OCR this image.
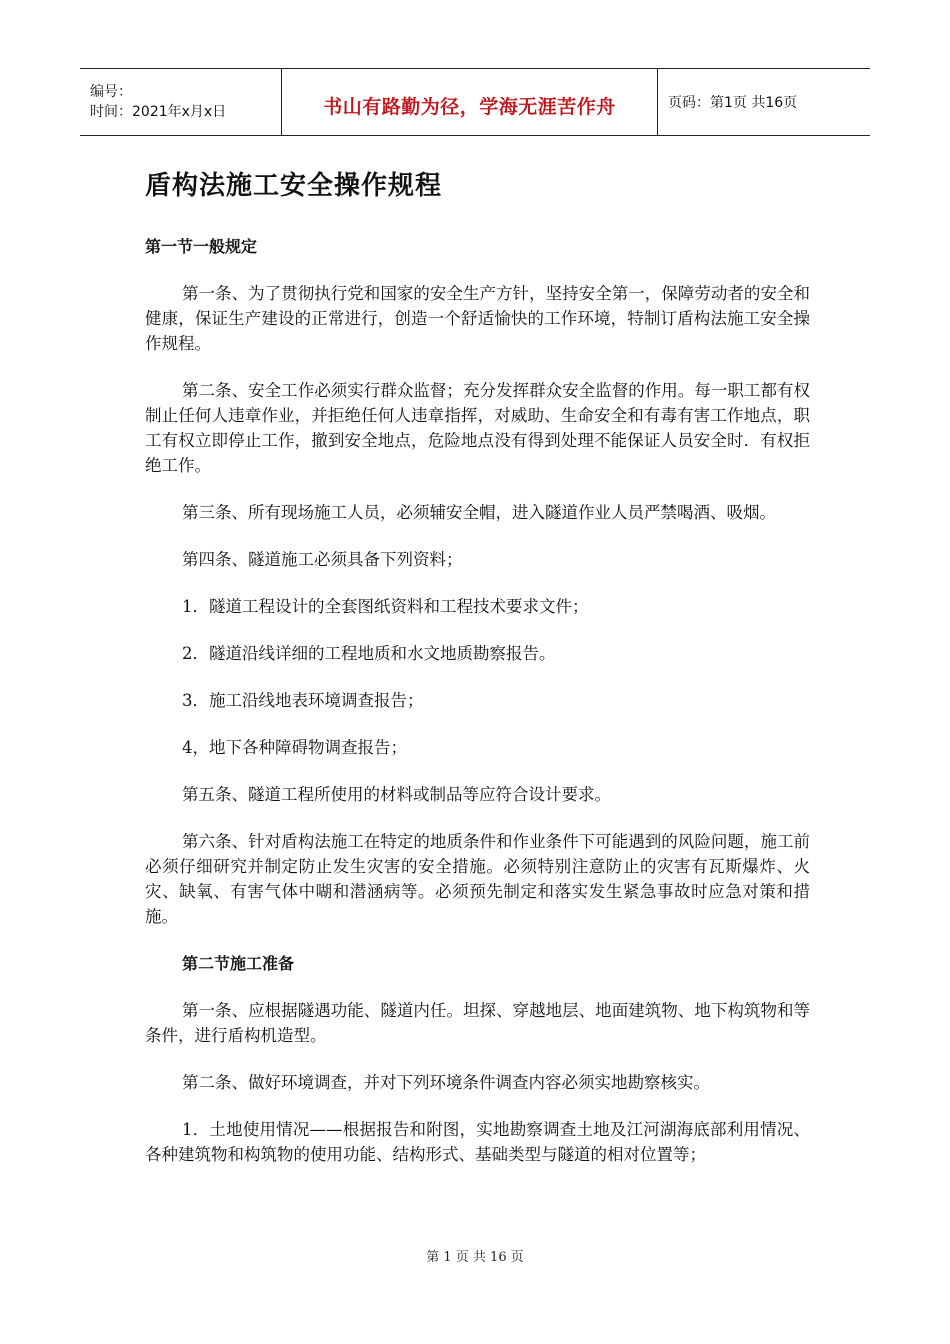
编号：
时间：2021年x月x日	书山有路勤为径，学海无涯苦作舟	页码：第1页 共16页
盾构法施工安全操作规程
第一节一般规定

第一条、为了贯彻执行党和国家的安全生产方针，坚持安全第一，保障劳动者的安全和健康，保证生产建设的正常进行，创造一个舒适愉快的工作环境，特制订盾构法施工安全操作规程。

第二条、安全工作必须实行群众监督；充分发挥群众安全监督的作用。每一职工都有权制止任何人违章作业，并拒绝任何人违章指挥，对威助、生命安全和有毒有害工作地点，职工有权立即停止工作，撤到安全地点，危险地点没有得到处理不能保证人员安全时．有权拒绝工作。

第三条、所有现场施工人员，必须辅安全帽，进入隧道作业人员严禁喝酒、吸烟。

第四条、隧道施工必须具备下列资料；

1．隧道工程设计的全套图纸资料和工程技术要求文件；

2．隧道沿线详细的工程地质和水文地质勘察报告。

3．施工沿线地表环境调查报告；

4，地下各种障碍物调查报告；

第五条、隧道工程所使用的材料或制品等应符合设计要求。

第六条、针对盾构法施工在特定的地质条件和作业条件下可能遇到的风险问题，施工前必须仔细研究并制定防止发生灾害的安全措施。必须特别注意防止的灾害有瓦斯爆炸、火灾、缺氧、有害气体中㗅和潜涵病等。必须预先制定和落实发生紧急事故时应急对策和措施。

第二节施工准备

第一条、应根据隧遇功能、隧道内任。坦探、穿越地层、地面建筑物、地下构筑物和等条件，进行盾构机造型。

第二条、做好环境调查，并对下列环境条件调查内容必须实地勘察核实。

1．土地使用情况——根据报告和附图，实地勘察调查土地及江河湖海底部利用情况、各种建筑物和构筑物的使用功能、结构形式、基础类型与隧道的相对位置等；

第 1 页 共 16 页
